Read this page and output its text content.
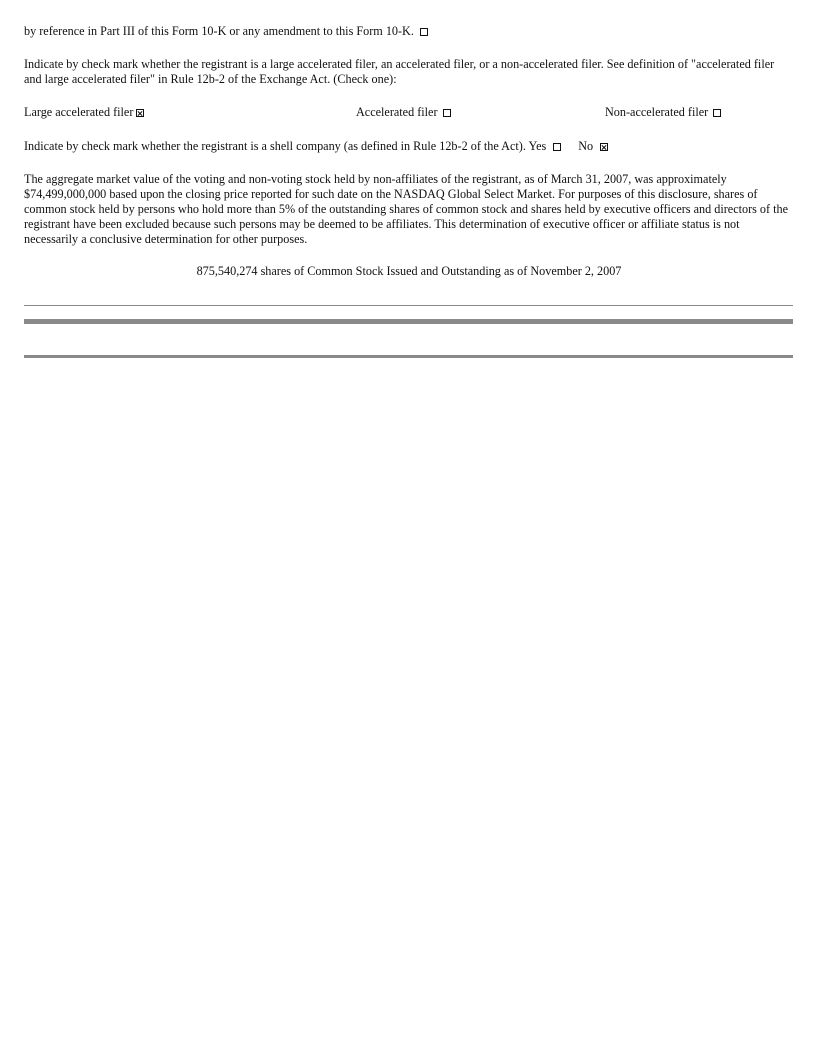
by reference in Part III of this Form 10-K or any amendment to this Form 10-K.

Indicate by check mark whether the registrant is a large accelerated filer, an accelerated filer, or a non-accelerated filer. See definition of "accelerated filer and large accelerated filer" in Rule 12b-2 of the Exchange Act. (Check one):

Large accelerated filer	Accelerated filer	Non-accelerated filer

Indicate by check mark whether the registrant is a shell company (as defined in Rule 12b-2 of the Act). Yes	No

The aggregate market value of the voting and non-voting stock held by non-affiliates of the registrant, as of March 31, 2007, was approximately $74,499,000,000 based upon the closing price reported for such date on the NASDAQ Global Select Market. For purposes of this disclosure, shares of common stock held by persons who hold more than 5% of the outstanding shares of common stock and shares held by executive officers and directors of the registrant have been excluded because such persons may be deemed to be affiliates. This determination of executive officer or affiliate status is not necessarily a conclusive determination for other purposes.

875,540,274 shares of Common Stock Issued and Outstanding as of November 2, 2007
